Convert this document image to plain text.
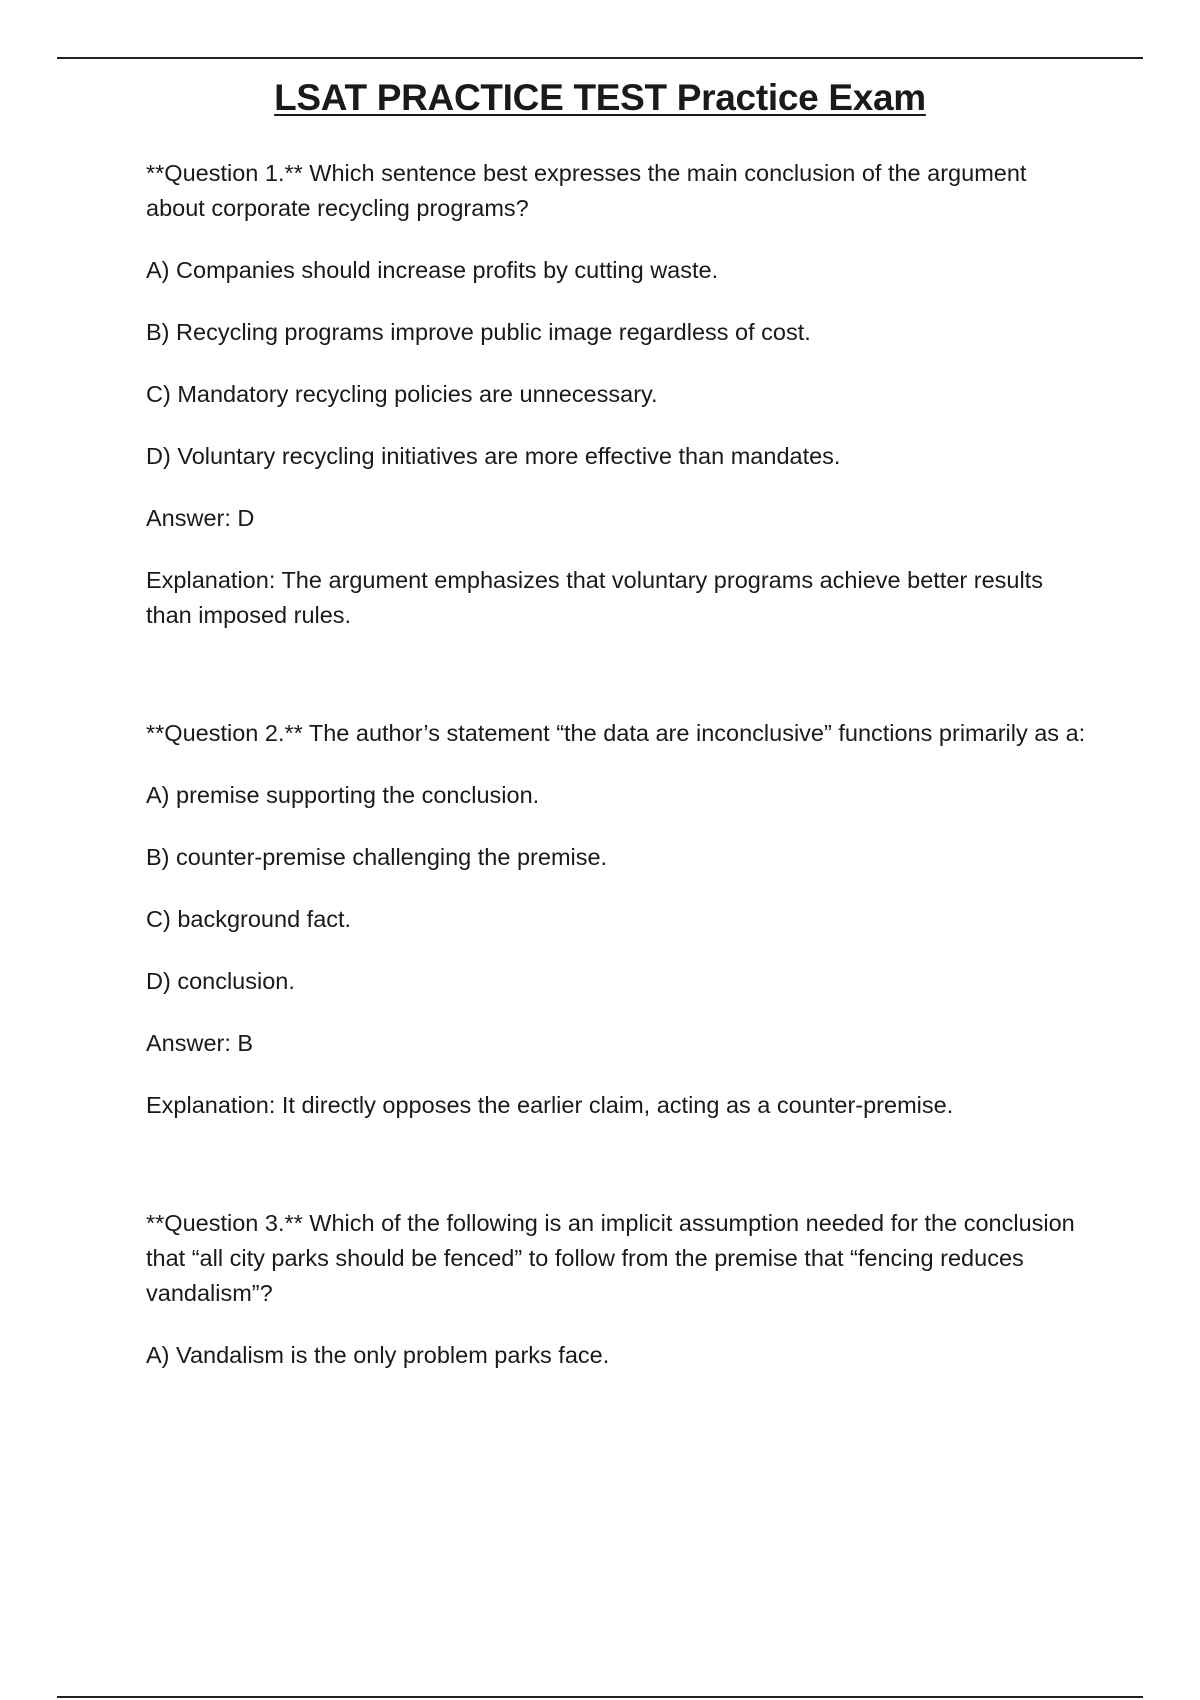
LSAT PRACTICE TEST Practice Exam

**Question 1.** Which sentence best expresses the main conclusion of the argument about corporate recycling programs?

A) Companies should increase profits by cutting waste.

B) Recycling programs improve public image regardless of cost.

C) Mandatory recycling policies are unnecessary.

D) Voluntary recycling initiatives are more effective than mandates.

Answer: D

Explanation: The argument emphasizes that voluntary programs achieve better results than imposed rules.

**Question 2.** The author’s statement “the data are inconclusive” functions primarily as a:

A) premise supporting the conclusion.

B) counter-premise challenging the premise.

C) background fact.

D) conclusion.

Answer: B

Explanation: It directly opposes the earlier claim, acting as a counter-premise.

**Question 3.** Which of the following is an implicit assumption needed for the conclusion that “all city parks should be fenced” to follow from the premise that “fencing reduces vandalism”?

A) Vandalism is the only problem parks face.
